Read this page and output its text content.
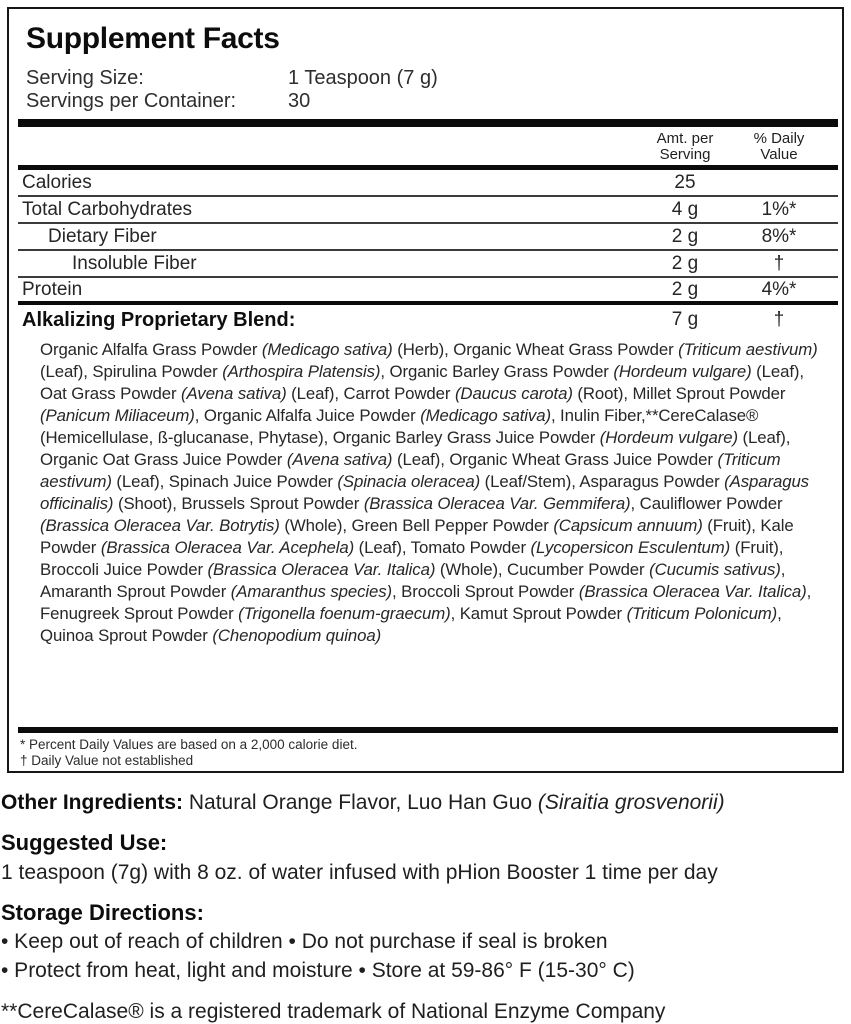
Supplement Facts
Serving Size:	1 Teaspoon (7 g)
Servings per Container:	30
Amt. per
Serving
% Daily
Value
Calories	25
Total Carbohydrates	4 g	1%*
Dietary Fiber	2 g	8%*
Insoluble Fiber	2 g	†
Protein	2 g	4%*
Alkalizing Proprietary Blend:	7 g	†

Organic Alfalfa Grass Powder (Medicago sativa) (Herb), Organic Wheat Grass Powder (Triticum aestivum) (Leaf), Spirulina Powder (Arthospira Platensis), Organic Barley Grass Powder (Hordeum vulgare) (Leaf), Oat Grass Powder (Avena sativa) (Leaf), Carrot Powder (Daucus carota) (Root), Millet Sprout Powder (Panicum Miliaceum), Organic Alfalfa Juice Powder (Medicago sativa), Inulin Fiber,**CereCalase® (Hemicellulase, ß-glucanase, Phytase), Organic Barley Grass Juice Powder (Hordeum vulgare) (Leaf), Organic Oat Grass Juice Powder (Avena sativa) (Leaf), Organic Wheat Grass Juice Powder (Triticum aestivum) (Leaf), Spinach Juice Powder (Spinacia oleracea) (Leaf/Stem), Asparagus Powder (Asparagus officinalis) (Shoot), Brussels Sprout Powder (Brassica Oleracea Var. Gemmifera), Cauliflower Powder (Brassica Oleracea Var. Botrytis) (Whole), Green Bell Pepper Powder (Capsicum annuum) (Fruit), Kale Powder (Brassica Oleracea Var. Acephela) (Leaf), Tomato Powder (Lycopersicon Esculentum) (Fruit), Broccoli Juice Powder (Brassica Oleracea Var. Italica) (Whole), Cucumber Powder (Cucumis sativus), Amaranth Sprout Powder (Amaranthus species), Broccoli Sprout Powder (Brassica Oleracea Var. Italica), Fenugreek Sprout Powder (Trigonella foenum-graecum), Kamut Sprout Powder (Triticum Polonicum), Quinoa Sprout Powder (Chenopodium quinoa)

* Percent Daily Values are based on a 2,000 calorie diet.
† Daily Value not established

Other Ingredients: Natural Orange Flavor, Luo Han Guo (Siraitia grosvenorii)

Suggested Use:

1 teaspoon (7g) with 8 oz. of water infused with pHion Booster 1 time per day

Storage Directions:

• Keep out of reach of children • Do not purchase if seal is broken

• Protect from heat, light and moisture • Store at 59-86° F (15-30° C)

**CereCalase® is a registered trademark of National Enzyme Company
